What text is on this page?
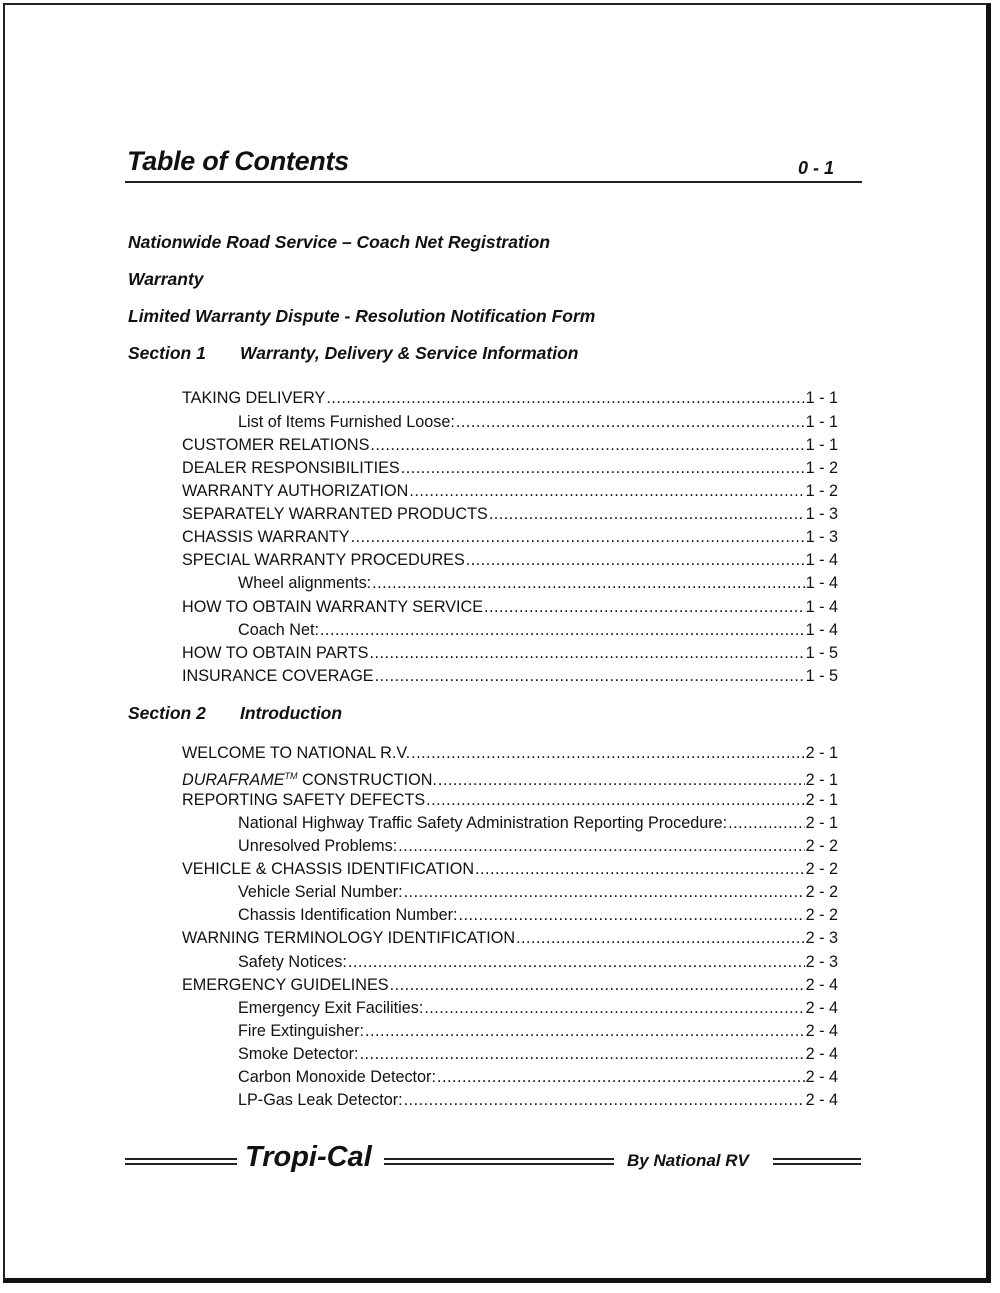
Table of Contents	0 - 1
Nationwide Road Service – Coach Net Registration
Warranty
Limited Warranty Dispute - Resolution Notification Form
Section 1 Warranty, Delivery & Service Information
TAKING DELIVERY .....	1 - 1
List of Items Furnished Loose: .....	1 - 1
CUSTOMER RELATIONS .....	1 - 1
DEALER RESPONSIBILITIES .....	1 - 2
WARRANTY AUTHORIZATION .....	1 - 2
SEPARATELY WARRANTED PRODUCTS .....	1 - 3
CHASSIS WARRANTY .....	1 - 3
SPECIAL WARRANTY PROCEDURES .....	1 - 4
Wheel alignments: .....	1 - 4
HOW TO OBTAIN WARRANTY SERVICE .....	1 - 4
Coach Net: .....	1 - 4
HOW TO OBTAIN PARTS .....	1 - 5
INSURANCE COVERAGE .....	1 - 5
Section 2 Introduction
WELCOME TO NATIONAL R.V. .....	2 - 1
DURAFRAME™ CONSTRUCTION. .....	2 - 1
REPORTING SAFETY DEFECTS .....	2 - 1
National Highway Traffic Safety Administration Reporting Procedure: .....	2 - 1
Unresolved Problems: .....	2 - 2
VEHICLE & CHASSIS IDENTIFICATION .....	2 - 2
Vehicle Serial Number: .....	2 - 2
Chassis Identification Number: .....	2 - 2
WARNING TERMINOLOGY IDENTIFICATION .....	2 - 3
Safety Notices: .....	2 - 3
EMERGENCY GUIDELINES .....	2 - 4
Emergency Exit Facilities: .....	2 - 4
Fire Extinguisher: .....	2 - 4
Smoke Detector: .....	2 - 4
Carbon Monoxide Detector: .....	2 - 4
LP-Gas Leak Detector: .....	2 - 4
Tropi-Cal	By National RV
